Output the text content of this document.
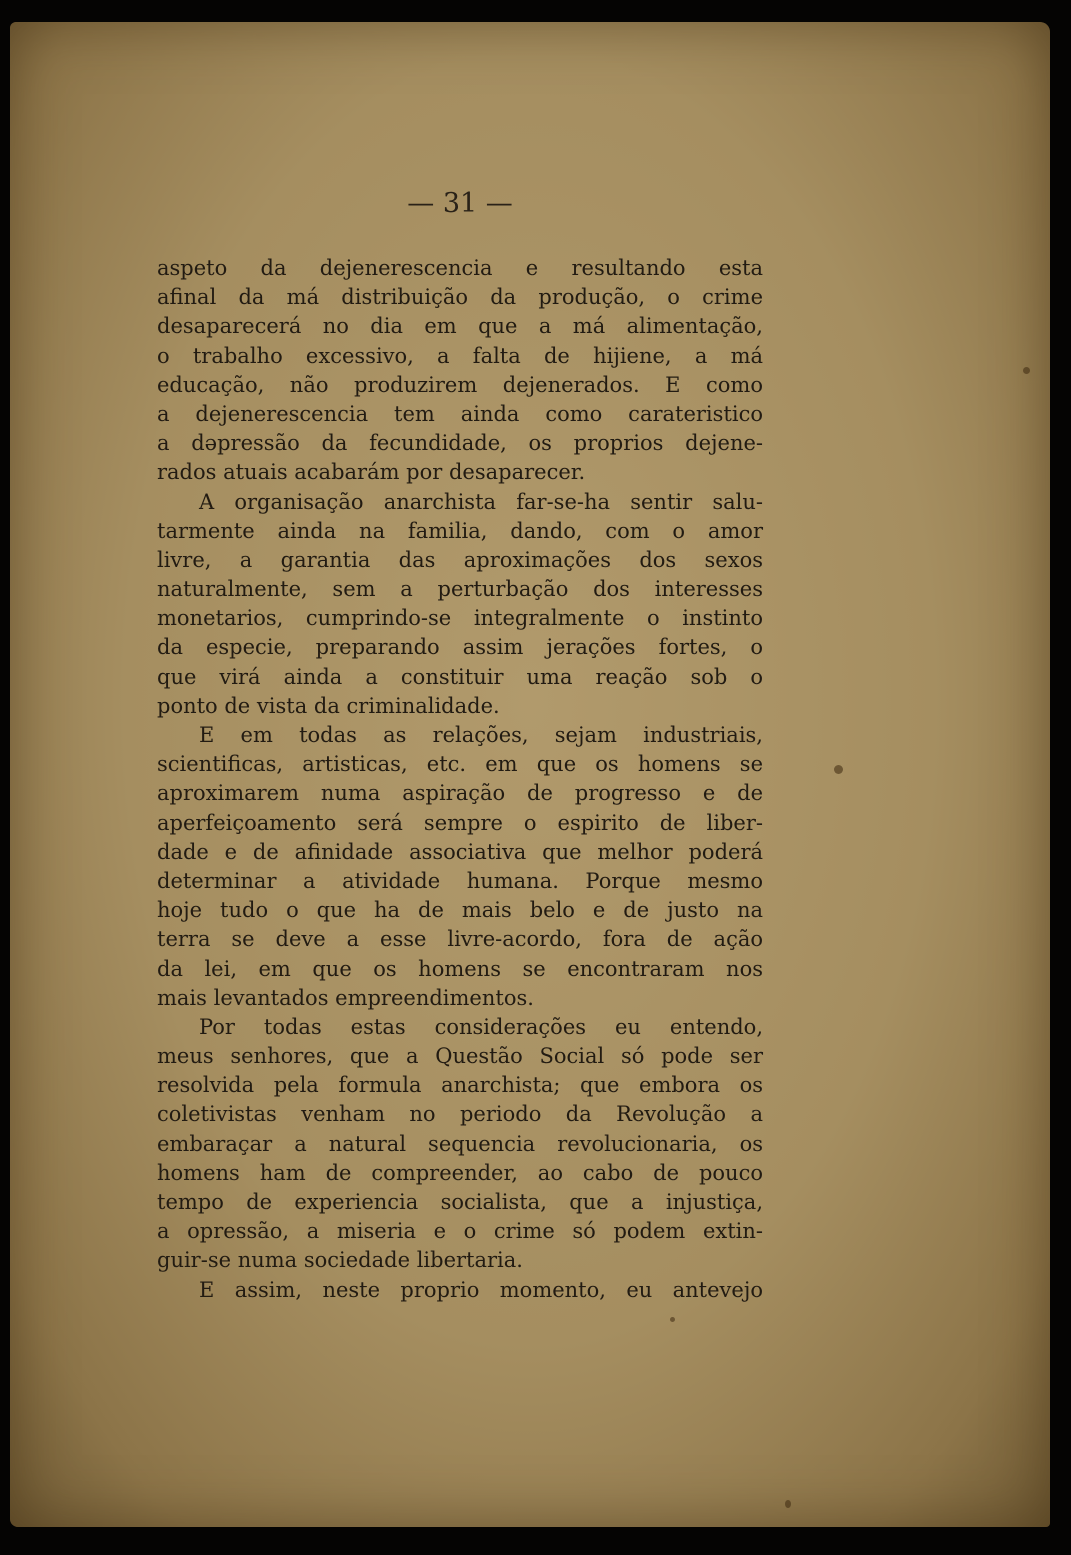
— 31 —
aspeto da dejenerescencia e resultando esta
afinal da má distribuição da produção, o crime
desaparecerá no dia em que a má alimentação,
o trabalho excessivo, a falta de hijiene, a má
educação, não produzirem dejenerados. E como
a dejenerescencia tem ainda como carateristico
a dəpressão da fecundidade, os proprios dejene-
rados atuais acabarám por desaparecer.
A organisação anarchista far-se-ha sentir salu-
tarmente ainda na familia, dando, com o amor
livre, a garantia das aproximações dos sexos
naturalmente, sem a perturbação dos interesses
monetarios, cumprindo-se integralmente o instinto
da especie, preparando assim jerações fortes, o
que virá ainda a constituir uma reação sob o
ponto de vista da criminalidade.
E em todas as relações, sejam industriais,
scientificas, artisticas, etc. em que os homens se
aproximarem numa aspiração de progresso e de
aperfeiçoamento será sempre o espirito de liber-
dade e de afinidade associativa que melhor poderá
determinar a atividade humana. Porque mesmo
hoje tudo o que ha de mais belo e de justo na
terra se deve a esse livre-acordo, fora de ação
da lei, em que os homens se encontraram nos
mais levantados empreendimentos.
Por todas estas considerações eu entendo,
meus senhores, que a Questão Social só pode ser
resolvida pela formula anarchista; que embora os
coletivistas venham no periodo da Revolução a
embaraçar a natural sequencia revolucionaria, os
homens ham de compreender, ao cabo de pouco
tempo de experiencia socialista, que a injustiça,
a opressão, a miseria e o crime só podem extin-
guir-se numa sociedade libertaria.
E assim, neste proprio momento, eu antevejo
